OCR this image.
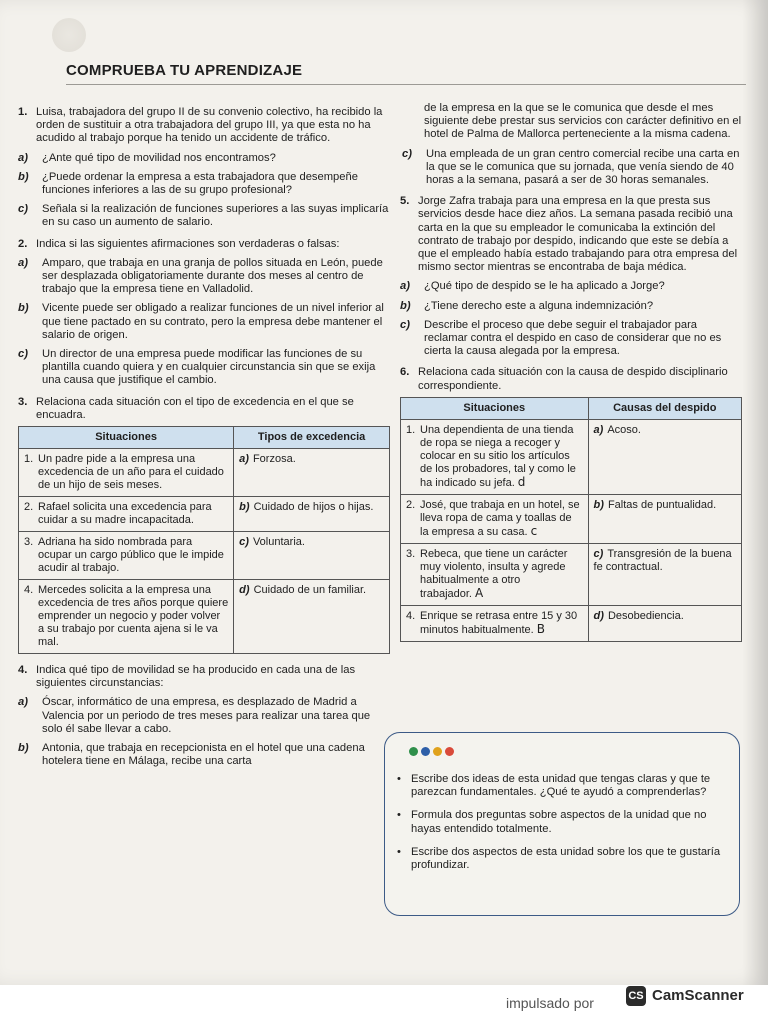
COMPRUEBA TU APRENDIZAJE
1. Luisa, trabajadora del grupo II de su convenio colectivo, ha recibido la orden de sustituir a otra trabajadora del grupo III, ya que esta no ha acudido al trabajo porque ha tenido un accidente de tráfico.
a) ¿Ante qué tipo de movilidad nos encontramos?
b) ¿Puede ordenar la empresa a esta trabajadora que desempeñe funciones inferiores a las de su grupo profesional?
c) Señala si la realización de funciones superiores a las suyas implicaría en su caso un aumento de salario.
2. Indica si las siguientes afirmaciones son verdaderas o falsas:
a) Amparo, que trabaja en una granja de pollos situada en León, puede ser desplazada obligatoriamente durante dos meses al centro de trabajo que la empresa tiene en Valladolid.
b) Vicente puede ser obligado a realizar funciones de un nivel inferior al que tiene pactado en su contrato, pero la empresa debe mantener el salario de origen.
c) Un director de una empresa puede modificar las funciones de su plantilla cuando quiera y en cualquier circunstancia sin que se exija una causa que justifique el cambio.
3. Relaciona cada situación con el tipo de excedencia en el que se encuadra.
Situaciones	Tipos de excedencia

1. Un padre pide a la empresa una excedencia de un año para el cuidado de un hijo de seis meses.	a) Forzosa.

2. Rafael solicita una excedencia para cuidar a su madre incapacitada.	b) Cuidado de hijos o hijas.

3. Adriana ha sido nombrada para ocupar un cargo público que le impide acudir al trabajo.	c) Voluntaria.

4. Mercedes solicita a la empresa una excedencia de tres años porque quiere emprender un negocio y poder volver a su trabajo por cuenta ajena si le va mal.	d) Cuidado de un familiar.
4. Indica qué tipo de movilidad se ha producido en cada una de las siguientes circunstancias:
a) Óscar, informático de una empresa, es desplazado de Madrid a Valencia por un periodo de tres meses para realizar una tarea que solo él sabe llevar a cabo.
b) Antonia, que trabaja en recepcionista en el hotel que una cadena hotelera tiene en Málaga, recibe una carta
de la empresa en la que se le comunica que desde el mes siguiente debe prestar sus servicios con carácter definitivo en el hotel de Palma de Mallorca perteneciente a la misma cadena.
c) Una empleada de un gran centro comercial recibe una carta en la que se le comunica que su jornada, que venía siendo de 40 horas a la semana, pasará a ser de 30 horas semanales.
5. Jorge Zafra trabaja para una empresa en la que presta sus servicios desde hace diez años. La semana pasada recibió una carta en la que su empleador le comunicaba la extinción del contrato de trabajo por despido, indicando que este se debía a que el empleado había estado trabajando para otra empresa del mismo sector mientras se encontraba de baja médica.
a) ¿Qué tipo de despido se le ha aplicado a Jorge?
b) ¿Tiene derecho este a alguna indemnización?
c) Describe el proceso que debe seguir el trabajador para reclamar contra el despido en caso de considerar que no es cierta la causa alegada por la empresa.
6. Relaciona cada situación con la causa de despido disciplinario correspondiente.
Situaciones	Causas del despido

1. Una dependienta de una tienda de ropa se niega a recoger y colocar en su sitio los artículos de los probadores, tal y como le ha indicado su jefa. d	a) Acoso.

2. José, que trabaja en un hotel, se lleva ropa de cama y toallas de la empresa a su casa. c	b) Faltas de puntualidad.

3. Rebeca, que tiene un carácter muy violento, insulta y agrede habitualmente a otro trabajador. A	c) Transgresión de la buena fe contractual.

4. Enrique se retrasa entre 15 y 30 minutos habitualmente. B	d) Desobediencia.
• Escribe dos ideas de esta unidad que tengas claras y que te parezcan fundamentales. ¿Qué te ayudó a comprenderlas?
• Formula dos preguntas sobre aspectos de la unidad que no hayas entendido totalmente.
• Escribe dos aspectos de esta unidad sobre los que te gustaría profundizar.
impulsado por	CS CamScanner
